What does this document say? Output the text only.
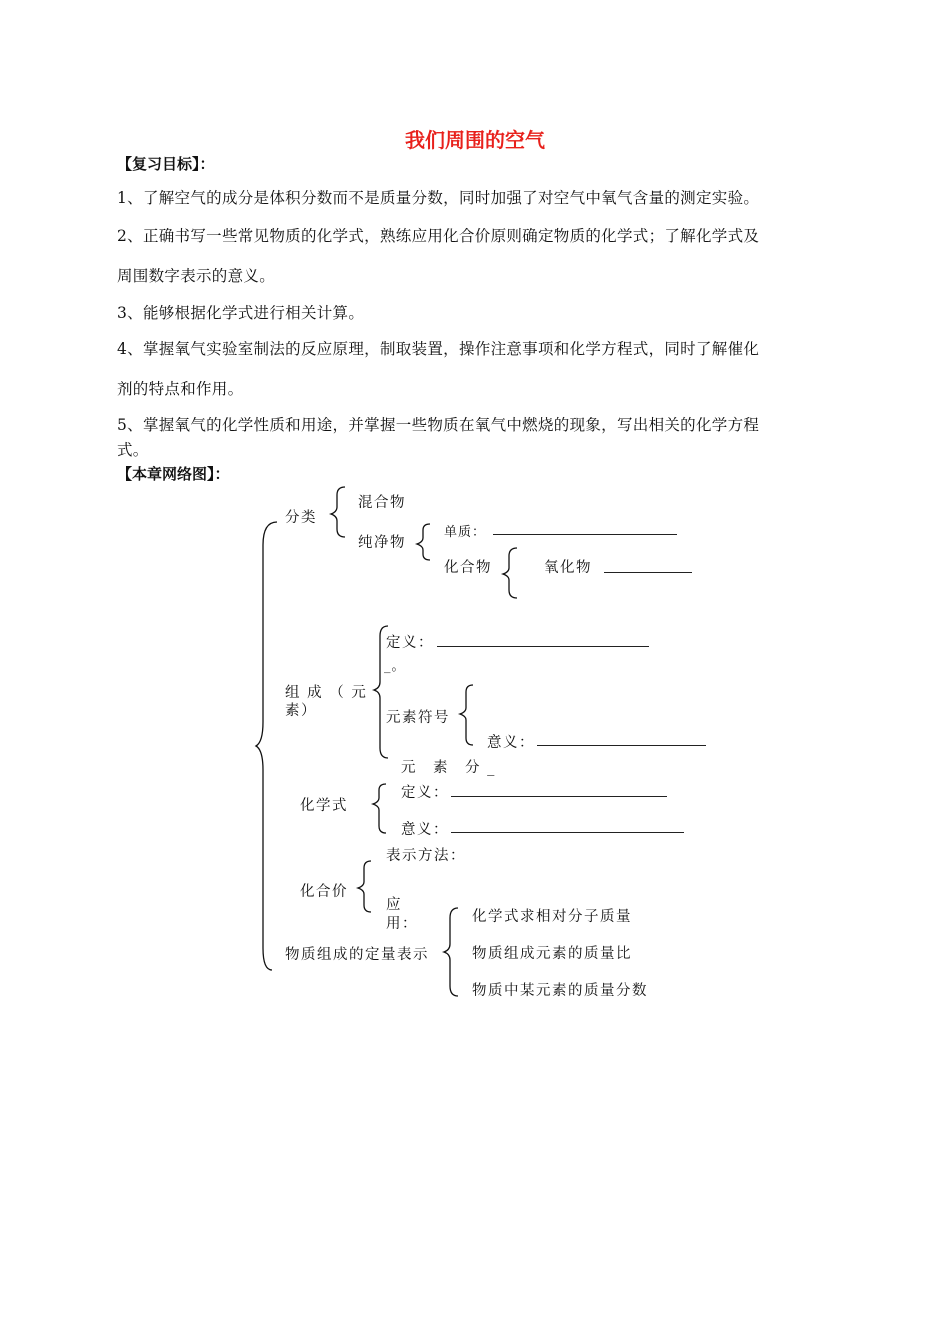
我们周围的空气
【复习目标】：
1、了解空气的成分是体积分数而不是质量分数，同时加强了对空气中氧气含量的测定实验。
2、正确书写一些常见物质的化学式，熟练应用化合价原则确定物质的化学式；了解化学式及
周围数字表示的意义。
3、能够根据化学式进行相关计算。
4、掌握氧气实验室制法的反应原理，制取装置，操作注意事项和化学方程式，同时了解催化
剂的特点和作用。
5、掌握氧气的化学性质和用途，并掌握一些物质在氧气中燃烧的现象，写出相关的化学方程
式。
【本章网络图】：
分类
混合物
纯净物
单质：
化合物	氧化物
定义：
_。
组 成 （ 元
素）	元素符号
意义：
元　素　分 _
化学式
定义：
意义：
表示方法：
化合价
应
用：
物质组成的定量表示
化学式求相对分子质量
物质组成元素的质量比
物质中某元素的质量分数
